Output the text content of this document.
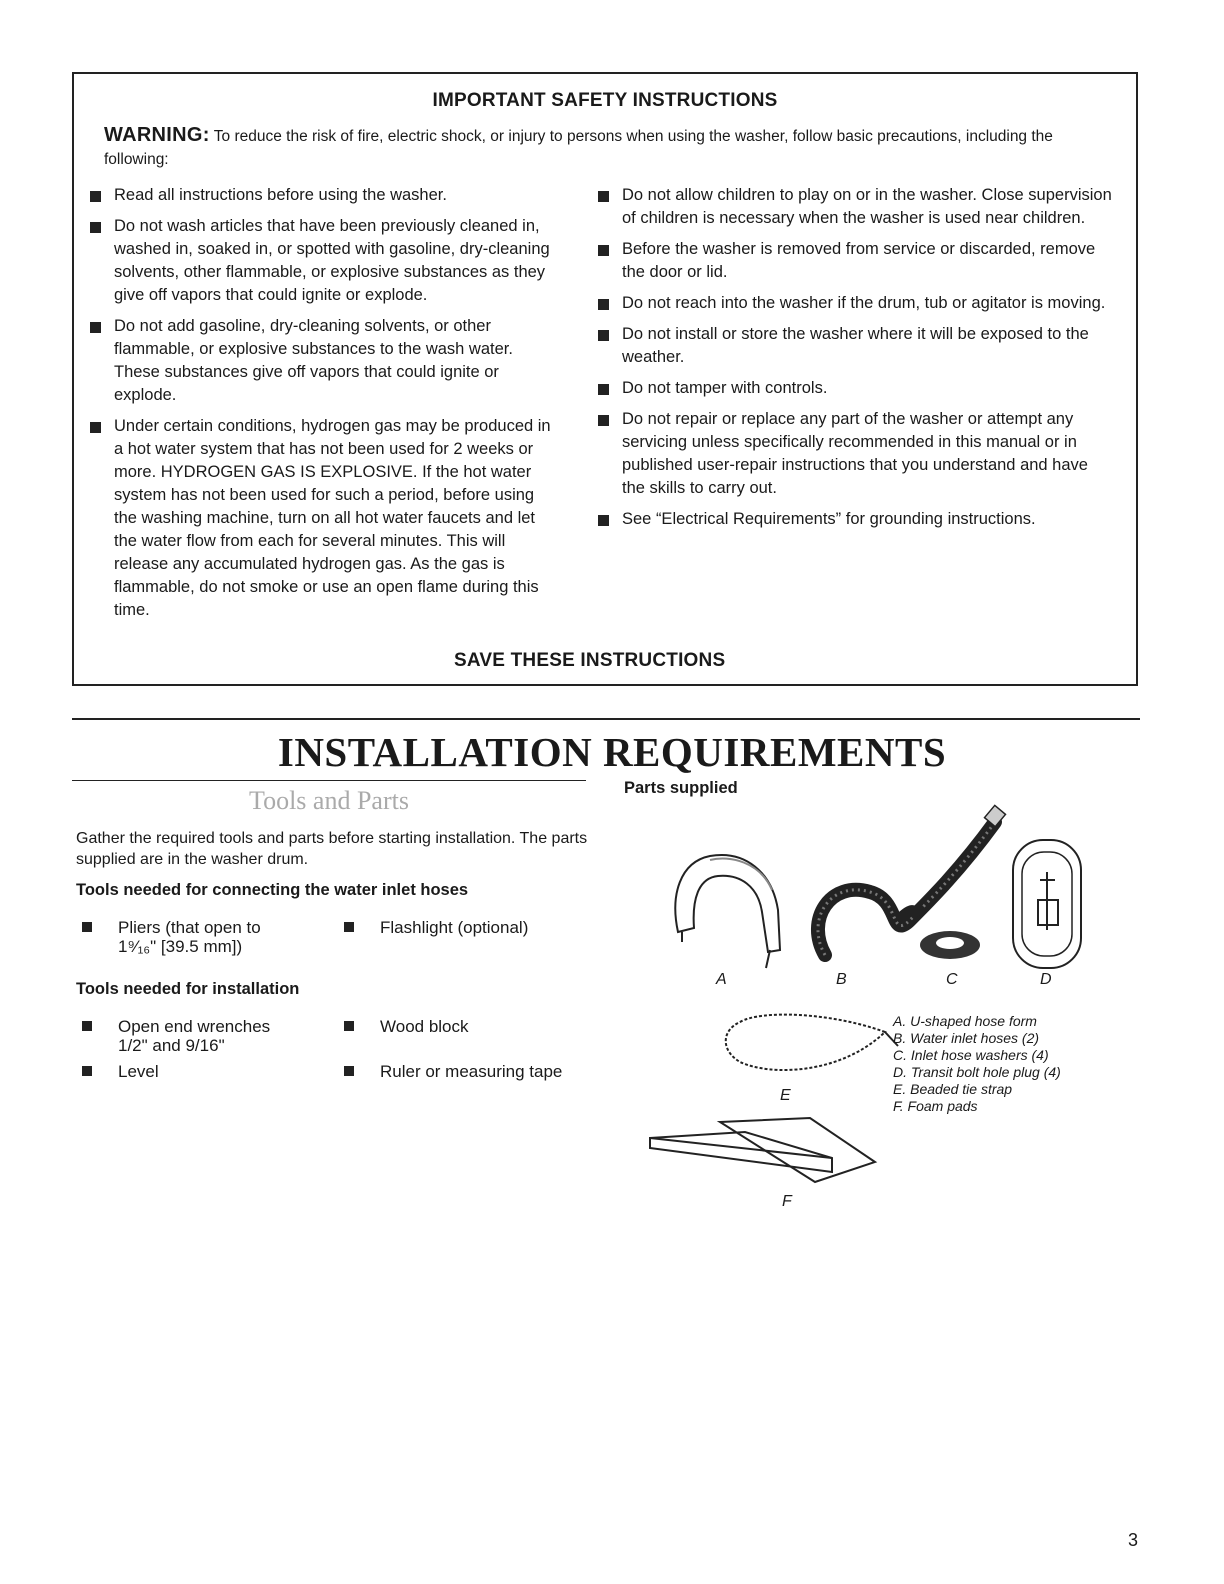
IMPORTANT SAFETY INSTRUCTIONS
WARNING: To reduce the risk of fire, electric shock, or injury to persons when using the washer, follow basic precautions, including the following:
Read all instructions before using the washer.
Do not wash articles that have been previously cleaned in, washed in, soaked in, or spotted with gasoline, dry-cleaning solvents, other flammable, or explosive substances as they give off vapors that could ignite or explode.
Do not add gasoline, dry-cleaning solvents, or other flammable, or explosive substances to the wash water. These substances give off vapors that could ignite or explode.
Under certain conditions, hydrogen gas may be produced in a hot water system that has not been used for 2 weeks or more. HYDROGEN GAS IS EXPLOSIVE. If the hot water system has not been used for such a period, before using the washing machine, turn on all hot water faucets and let the water flow from each for several minutes. This will release any accumulated hydrogen gas. As the gas is flammable, do not smoke or use an open flame during this time.
Do not allow children to play on or in the washer. Close supervision of children is necessary when the washer is used near children.
Before the washer is removed from service or discarded, remove the door or lid.
Do not reach into the washer if the drum, tub or agitator is moving.
Do not install or store the washer where it will be exposed to the weather.
Do not tamper with controls.
Do not repair or replace any part of the washer or attempt any servicing unless specifically recommended in this manual or in published user-repair instructions that you understand and have the skills to carry out.
See “Electrical Requirements” for grounding instructions.
SAVE THESE INSTRUCTIONS
INSTALLATION REQUIREMENTS
Tools and Parts
Gather the required tools and parts before starting installation. The parts supplied are in the washer drum.
Tools needed for connecting the water inlet hoses
Pliers (that open to
1⁹⁄₁₆" [39.5 mm])
Flashlight (optional)
Tools needed for installation
Open end wrenches
1/2" and 9/16"
Wood block
Level	Ruler or measuring tape
Parts supplied
A	B	C	D
E
F
A. U-shaped hose form
B. Water inlet hoses (2)
C. Inlet hose washers (4)
D. Transit bolt hole plug (4)
E. Beaded tie strap
F. Foam pads
3
